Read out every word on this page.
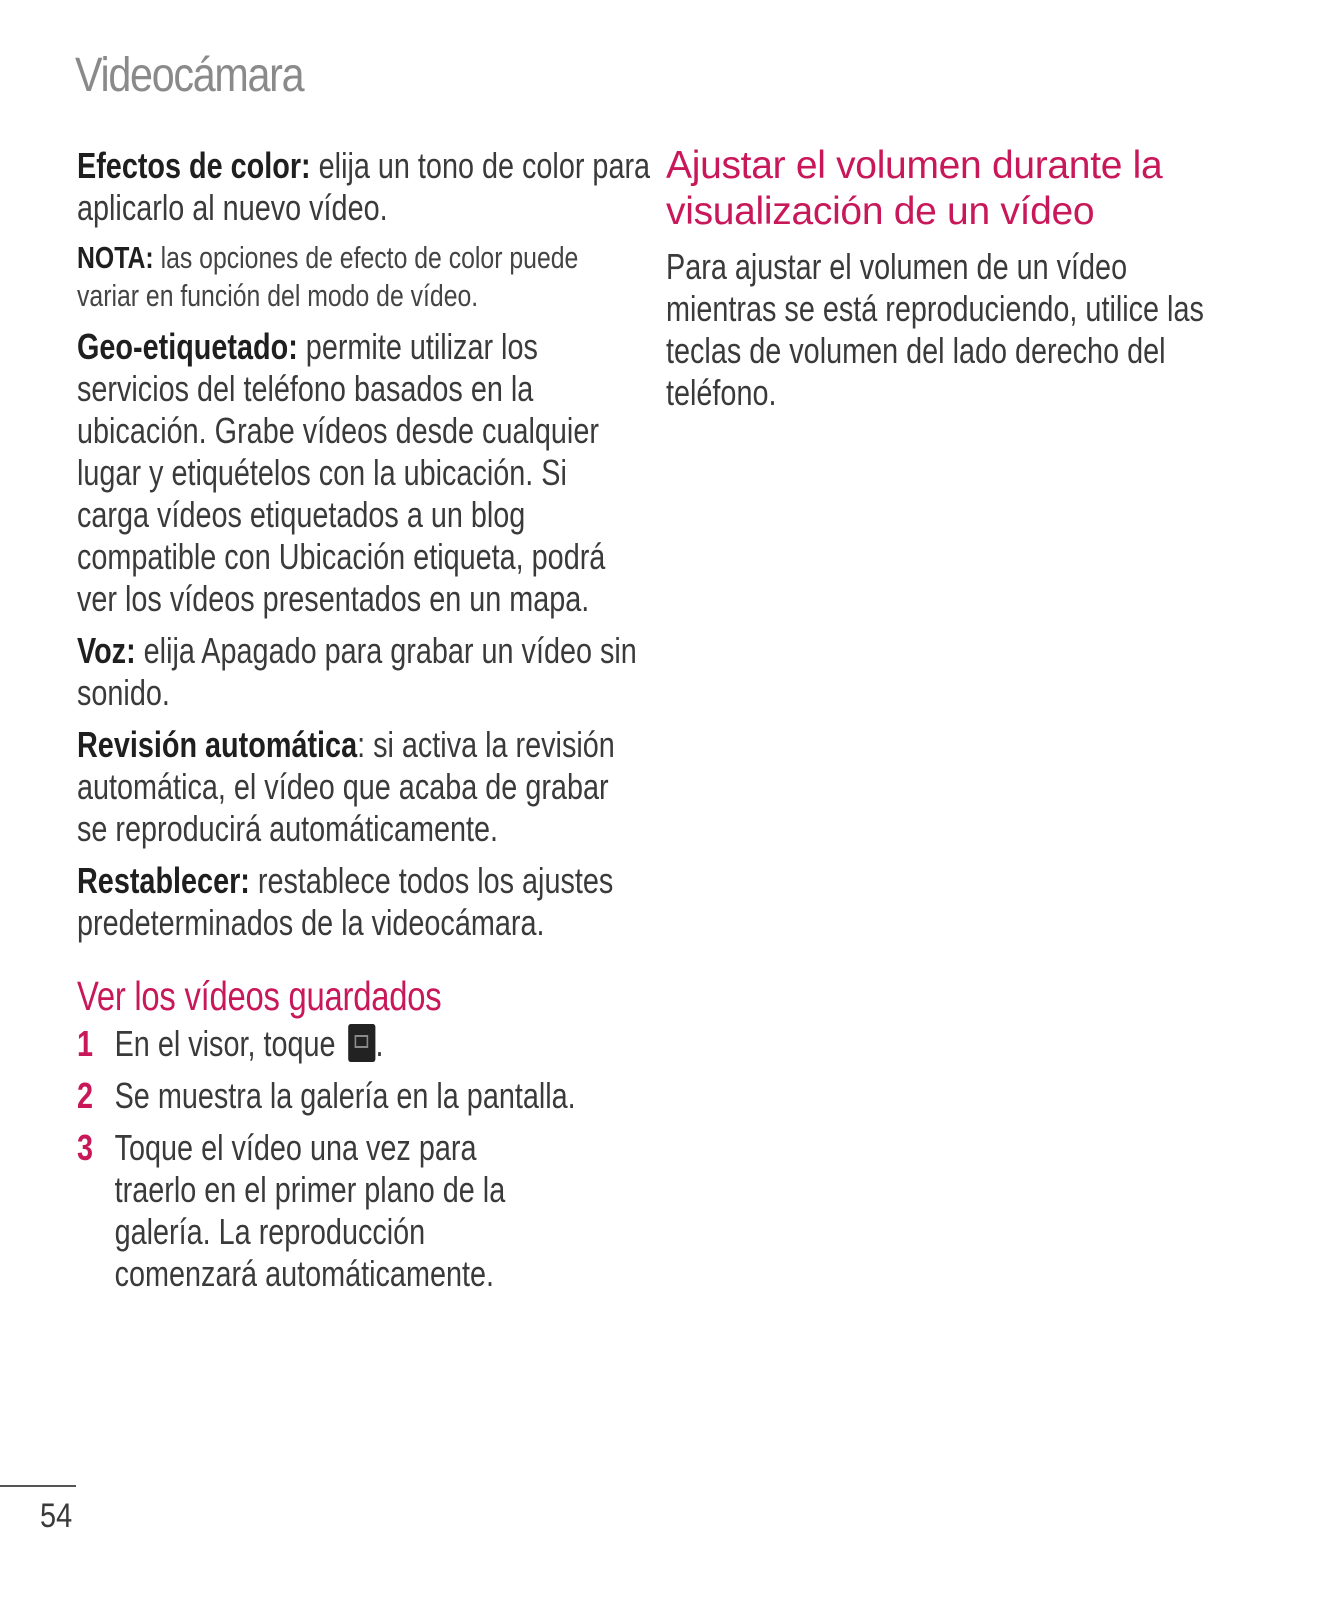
Videocámara

Efectos de color: elija un tono de color para aplicarlo al nuevo vídeo.

NOTA: las opciones de efecto de color puede variar en función del modo de vídeo.

Geo-etiquetado: permite utilizar los servicios del teléfono basados en la ubicación. Grabe vídeos desde cualquier lugar y etiquételos con la ubicación. Si carga vídeos etiquetados a un blog compatible con Ubicación etiqueta, podrá ver los vídeos presentados en un mapa.

Voz: elija Apagado para grabar un vídeo sin sonido.

Revisión automática: si activa la revisión automática, el vídeo que acaba de grabar se reproducirá automáticamente.

Restablecer: restablece todos los ajustes predeterminados de la videocámara.

Ver los vídeos guardados
1 En el visor, toque .
2 Se muestra la galería en la pantalla.
3 Toque el vídeo una vez para traerlo en el primer plano de la galería. La reproducción comenzará automáticamente.
Ajustar el volumen durante la visualización de un vídeo

Para ajustar el volumen de un vídeo mientras se está reproduciendo, utilice las teclas de volumen del lado derecho del teléfono.

54
